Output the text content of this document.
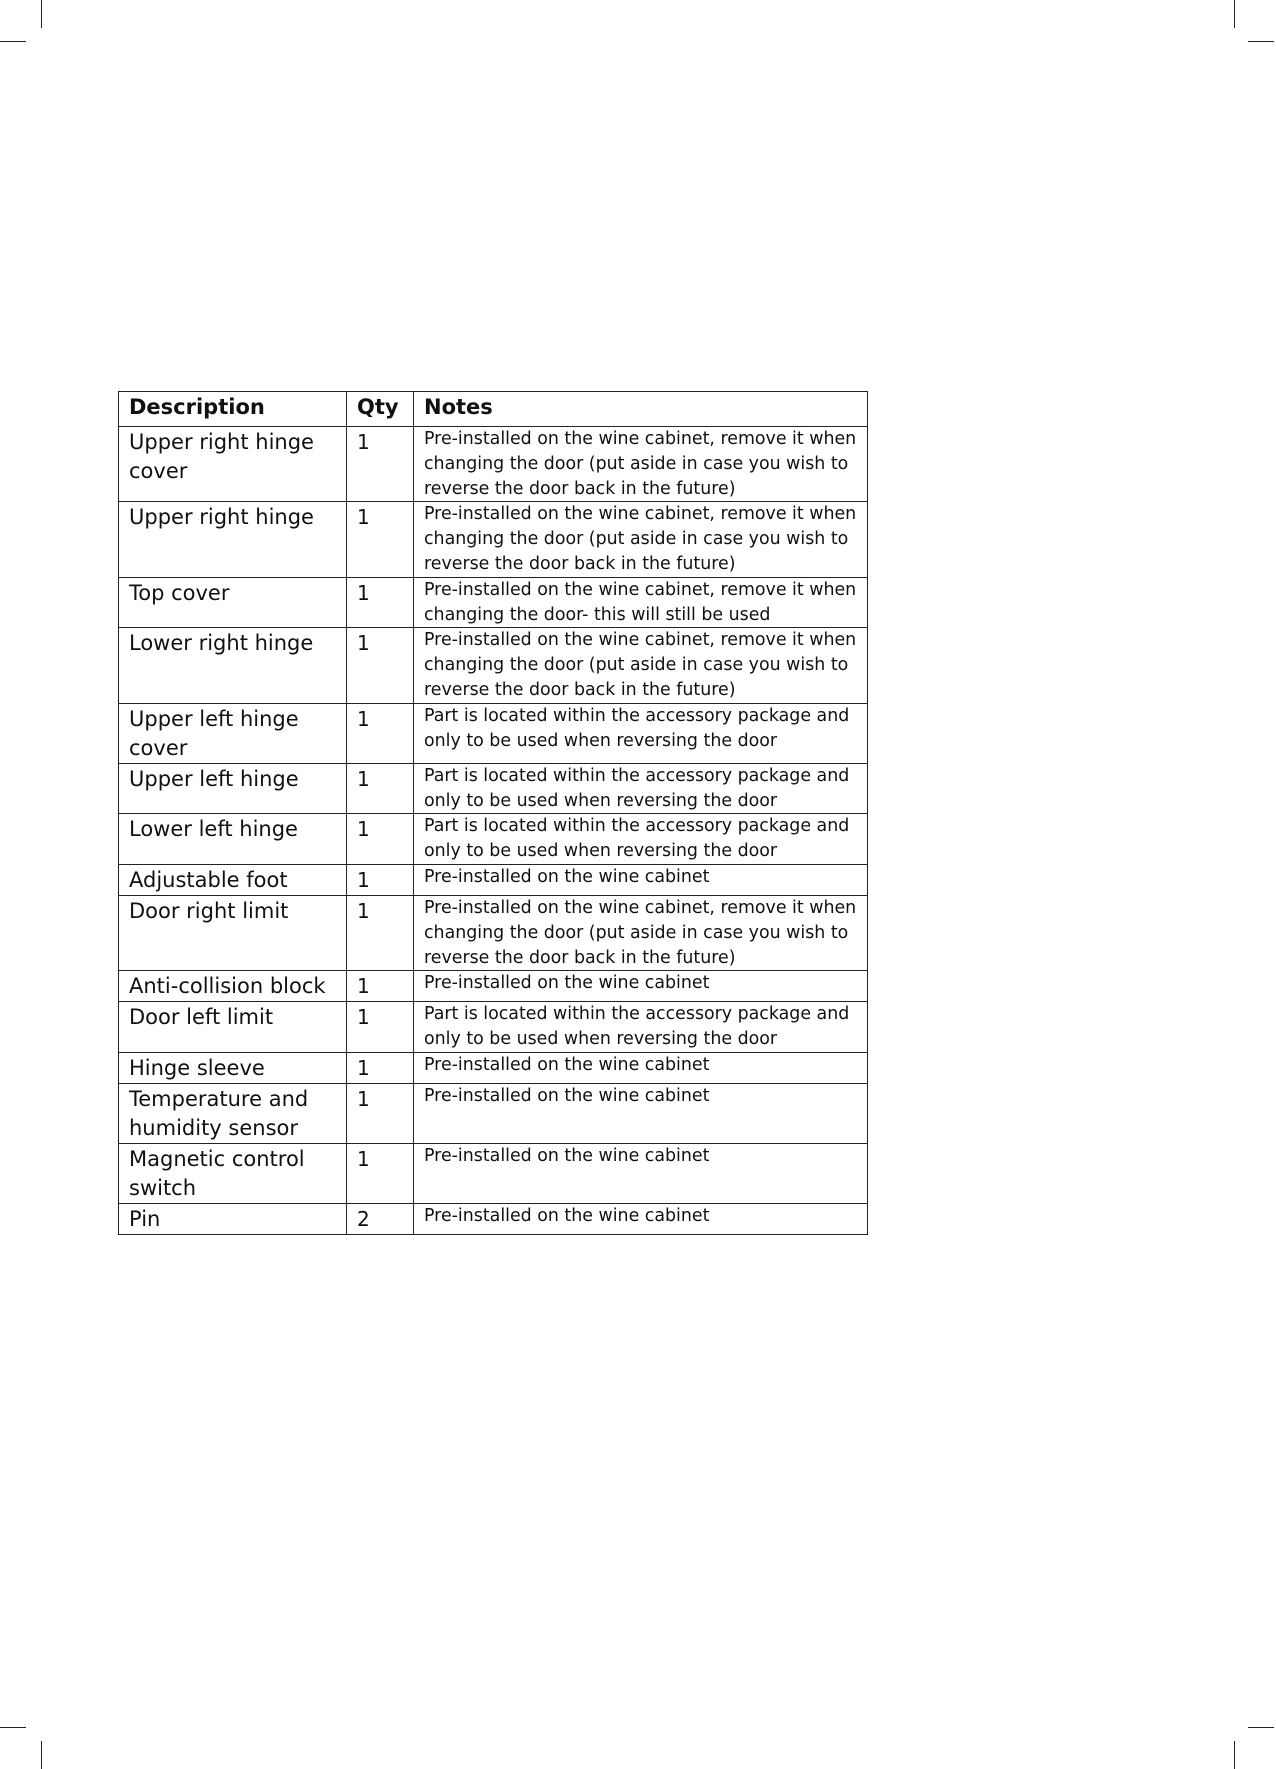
Description	Qty	Notes
Upper right hinge cover	1	Pre-installed on the wine cabinet, remove it when changing the door (put aside in case you wish to reverse the door back in the future)
Upper right hinge	1	Pre-installed on the wine cabinet, remove it when changing the door (put aside in case you wish to reverse the door back in the future)
Top cover	1	Pre-installed on the wine cabinet, remove it when changing the door- this will still be used
Lower right hinge	1	Pre-installed on the wine cabinet, remove it when changing the door (put aside in case you wish to reverse the door back in the future)
Upper left hinge cover	1	Part is located within the accessory package and only to be used when reversing the door
Upper left hinge	1	Part is located within the accessory package and only to be used when reversing the door
Lower left hinge	1	Part is located within the accessory package and only to be used when reversing the door
Adjustable foot	1	Pre-installed on the wine cabinet
Door right limit	1	Pre-installed on the wine cabinet, remove it when changing the door (put aside in case you wish to reverse the door back in the future)
Anti-collision block	1	Pre-installed on the wine cabinet
Door left limit	1	Part is located within the accessory package and only to be used when reversing the door
Hinge sleeve	1	Pre-installed on the wine cabinet
Temperature and humidity sensor	1	Pre-installed on the wine cabinet
Magnetic control switch	1	Pre-installed on the wine cabinet
Pin	2	Pre-installed on the wine cabinet
